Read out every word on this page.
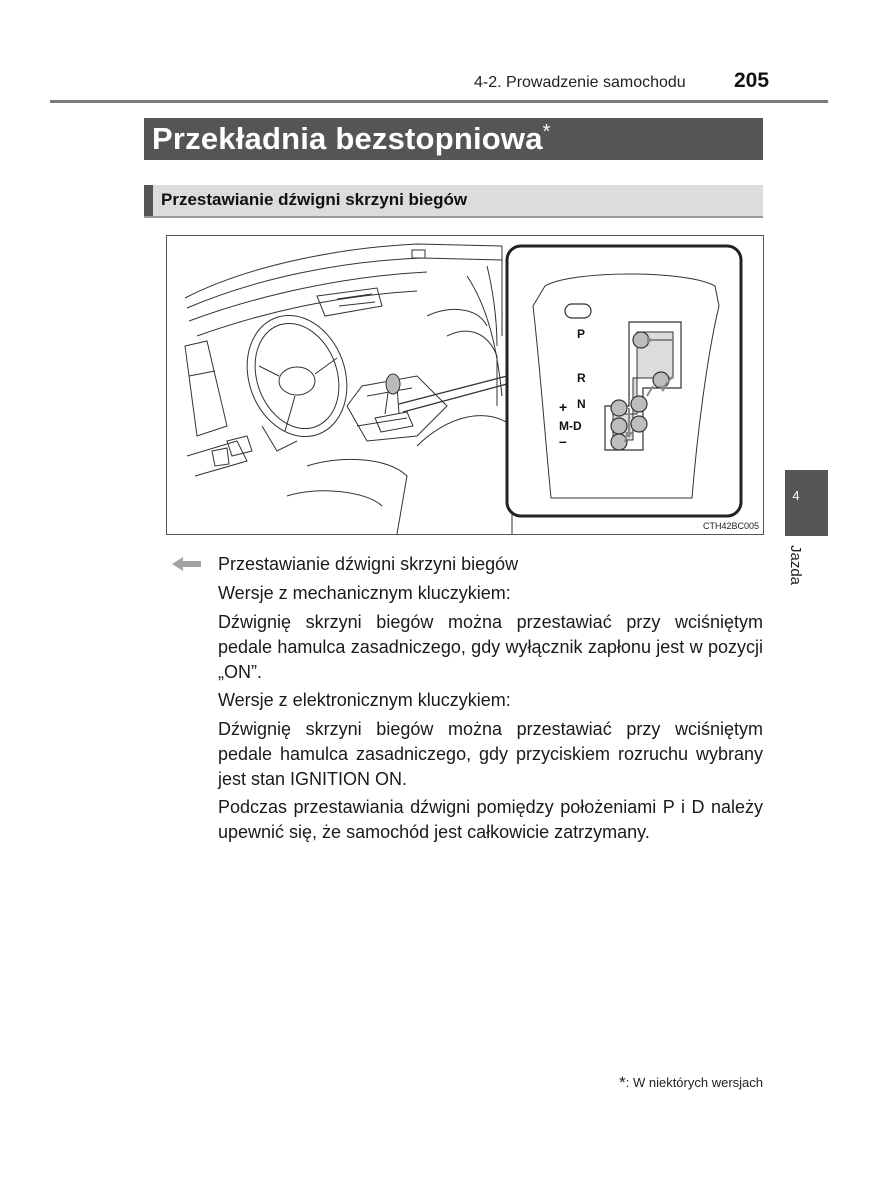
4-2. Prowadzenie samochodu 205
Przekładnia bezstopniowa*
Przestawianie dźwigni skrzyni biegów
P
R
N
M-D
+
–
CTH42BC005
4
Jazda
Przestawianie dźwigni skrzyni biegów
Wersje z mechanicznym kluczykiem:
Dźwignię skrzyni biegów można przestawiać przy wciśniętym pedale hamulca zasadniczego, gdy wyłącznik zapłonu jest w pozycji „ON”.
Wersje z elektronicznym kluczykiem:
Dźwignię skrzyni biegów można przestawiać przy wciśniętym pedale hamulca zasadniczego, gdy przyciskiem rozruchu wybrany jest stan IGNITION ON.
Podczas przestawiania dźwigni pomiędzy położeniami P i D należy upewnić się, że samochód jest całkowicie zatrzymany.
*: W niektórych wersjach
